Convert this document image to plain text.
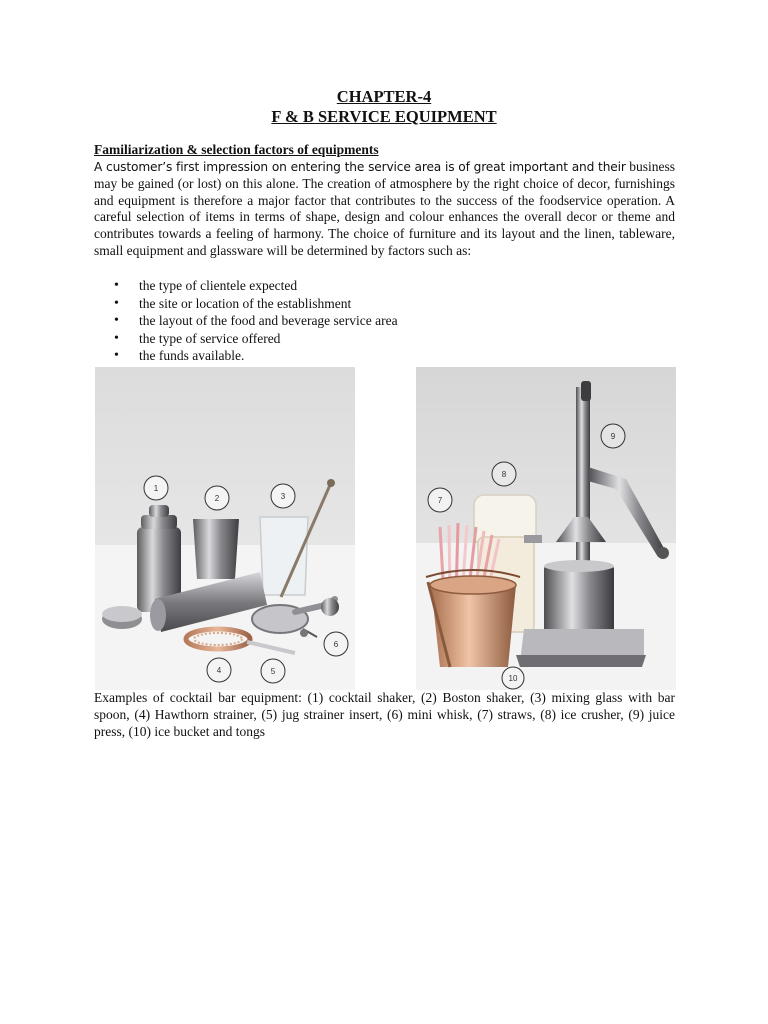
CHAPTER-4
F & B SERVICE EQUIPMENT
Familiarization & selection factors of equipments
A customer’s first impression on entering the service area is of great important and their business may be gained (or lost) on this alone. The creation of atmosphere by the right choice of decor, furnishings and equipment is therefore a major factor that contributes to the success of the foodservice operation. A careful selection of items in terms of shape, design and colour enhances the overall decor or theme and contributes towards a feeling of harmony. The choice of furniture and its layout and the linen, tableware, small equipment and glassware will be determined by factors such as:
• the type of clientele expected
• the site or location of the establishment
• the layout of the food and beverage service area
• the type of service offered
• the funds available.
1
2	3
4	5
6
7
8
9
10
Examples of cocktail bar equipment: (1) cocktail shaker, (2) Boston shaker, (3) mixing glass with bar spoon, (4) Hawthorn strainer, (5) jug strainer insert, (6) mini whisk, (7) straws, (8) ice crusher, (9) juice press, (10) ice bucket and tongs
